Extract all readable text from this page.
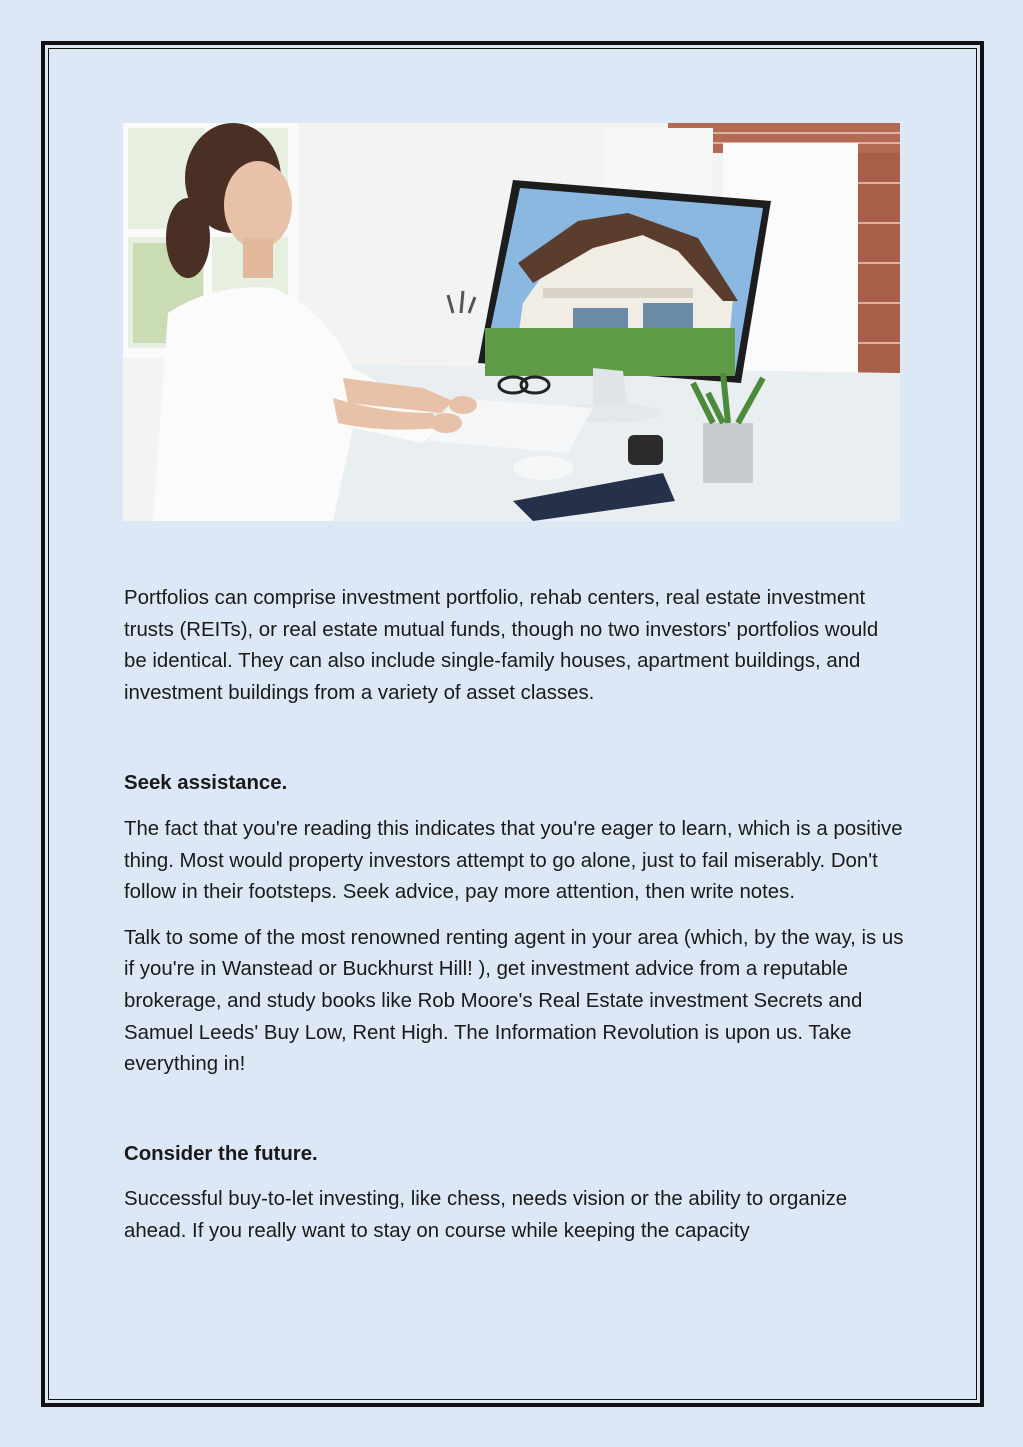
Portfolios can comprise investment portfolio, rehab centers, real estate investment trusts (REITs), or real estate mutual funds, though no two investors' portfolios would be identical. They can also include single-family houses, apartment buildings, and investment buildings from a variety of asset classes.

Seek assistance.

The fact that you're reading this indicates that you're eager to learn, which is a positive thing. Most would property investors attempt to go alone, just to fail miserably. Don't follow in their footsteps. Seek advice, pay more attention, then write notes.

Talk to some of the most renowned renting agent in your area (which, by the way, is us if you're in Wanstead or Buckhurst Hill! ), get investment advice from a reputable brokerage, and study books like Rob Moore's Real Estate investment Secrets and Samuel Leeds' Buy Low, Rent High. The Information Revolution is upon us. Take everything in!

Consider the future.

Successful buy-to-let investing, like chess, needs vision or the ability to organize ahead. If you really want to stay on course while keeping the capacity
